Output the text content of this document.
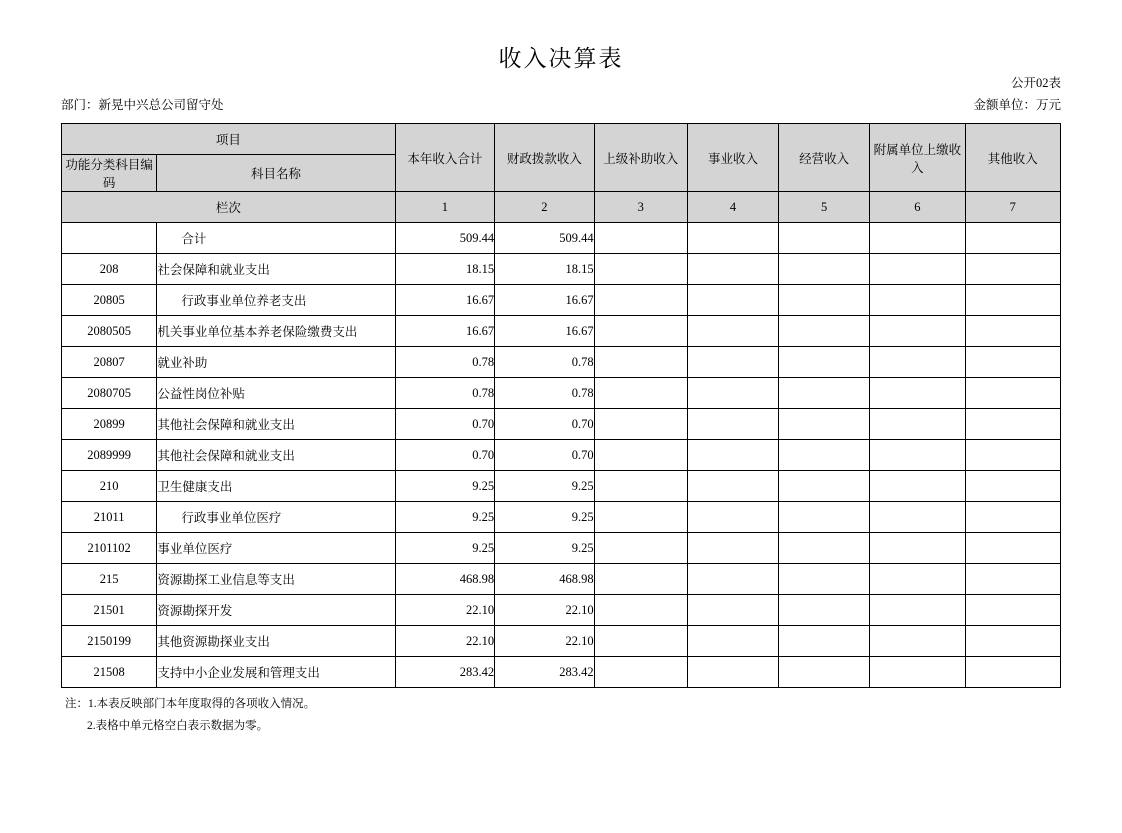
收入决算表
公开02表
部门：新晃中兴总公司留守处	金额单位：万元
项目		本年收入合计	财政拨款收入	上级补助收入	事业收入	经营收入	附属单位上缴收入	其他收入
功能分类科目编码	科目名称							
栏次		1	2	3	4	5	6	7
	合计	509.44	509.44					
208	社会保障和就业支出	18.15	18.15					
20805	行政事业单位养老支出	16.67	16.67					
2080505	机关事业单位基本养老保险缴费支出	16.67	16.67					
20807	就业补助	0.78	0.78					
2080705	公益性岗位补贴	0.78	0.78					
20899	其他社会保障和就业支出	0.70	0.70					
2089999	其他社会保障和就业支出	0.70	0.70					
210	卫生健康支出	9.25	9.25					
21011	行政事业单位医疗	9.25	9.25					
2101102	事业单位医疗	9.25	9.25					
215	资源勘探工业信息等支出	468.98	468.98					
21501	资源勘探开发	22.10	22.10					
2150199	其他资源勘探业支出	22.10	22.10					
21508	支持中小企业发展和管理支出	283.42	283.42					
注：1.本表反映部门本年度取得的各项收入情况。
2.表格中单元格空白表示数据为零。
